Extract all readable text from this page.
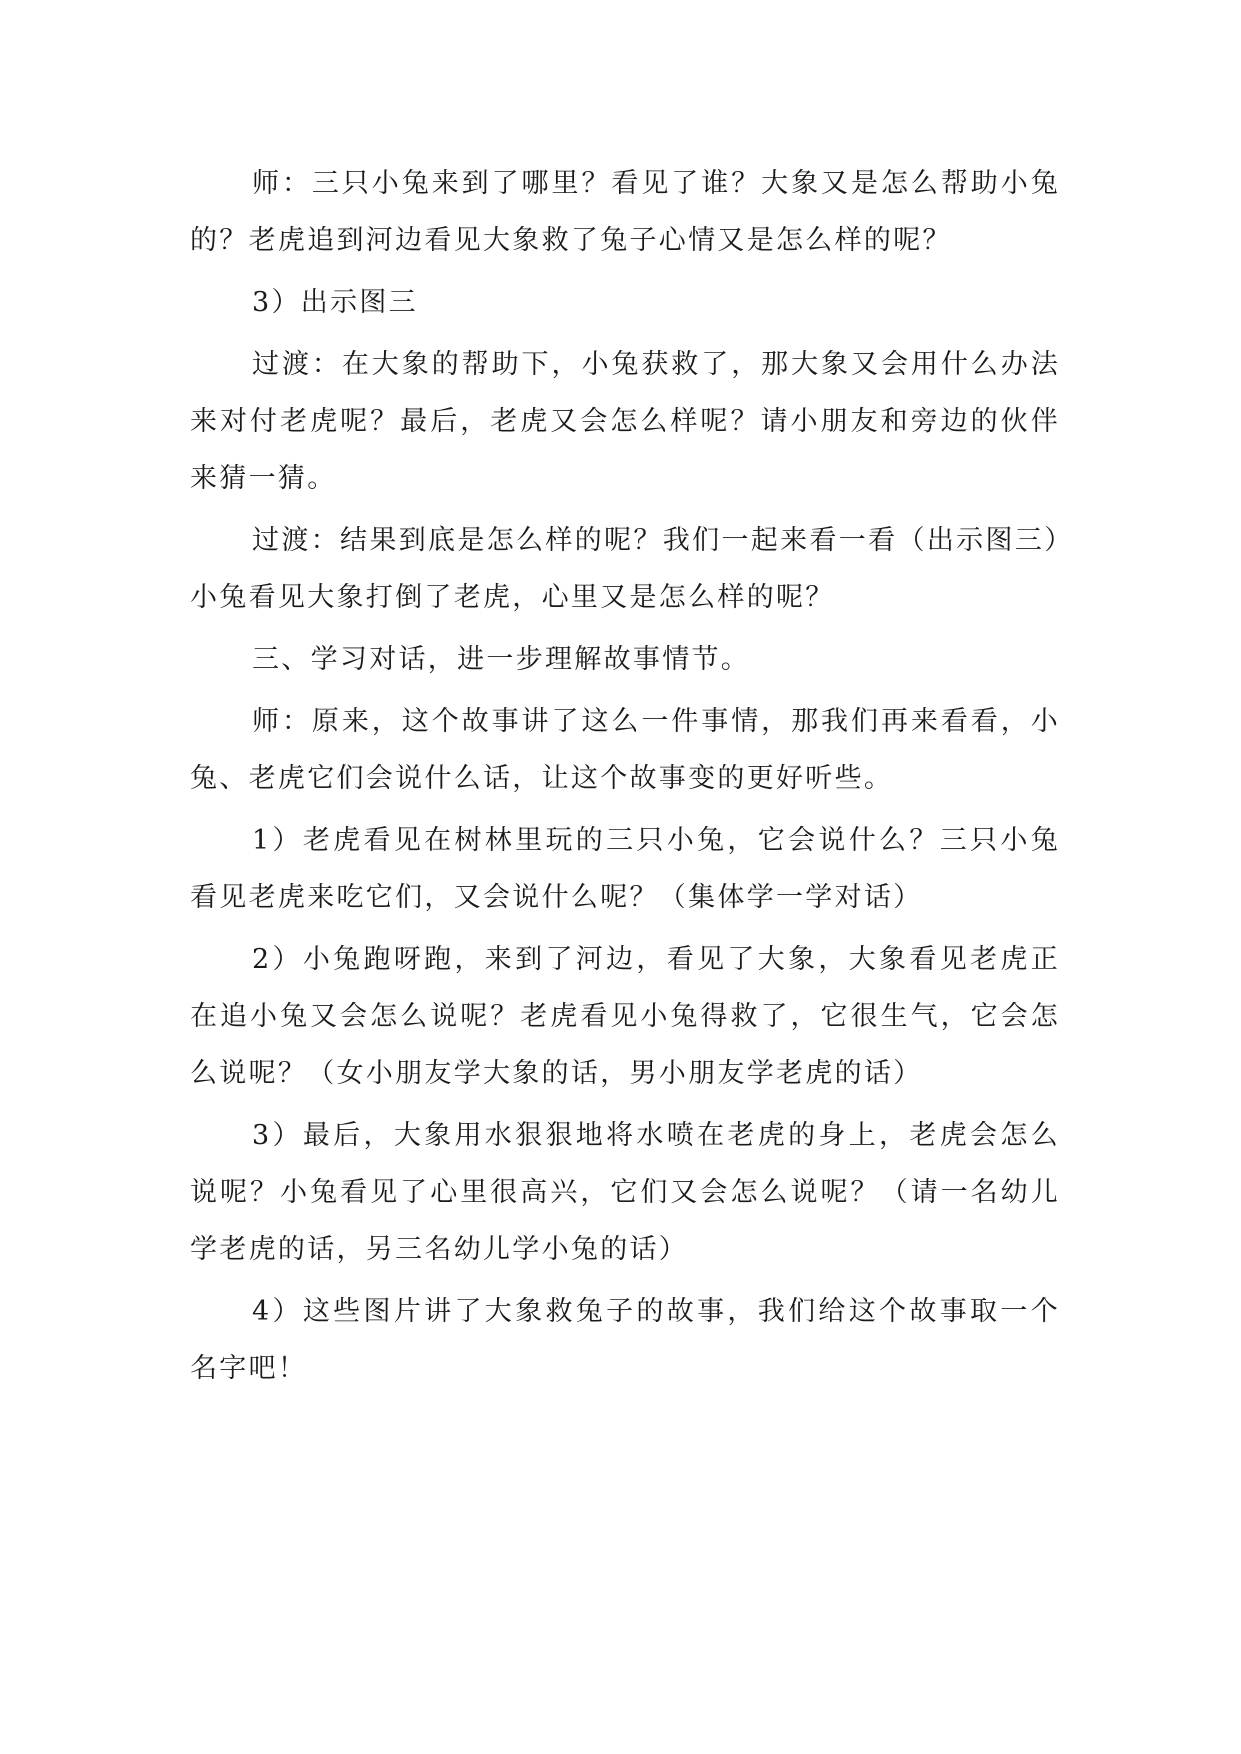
师：三只小兔来到了哪里？看见了谁？大象又是怎么帮助小兔的？老虎追到河边看见大象救了兔子心情又是怎么样的呢？

3）出示图三

过渡：在大象的帮助下，小兔获救了，那大象又会用什么办法来对付老虎呢？最后，老虎又会怎么样呢？请小朋友和旁边的伙伴来猜一猜。

过渡：结果到底是怎么样的呢？我们一起来看一看（出示图三）小兔看见大象打倒了老虎，心里又是怎么样的呢？

三、学习对话，进一步理解故事情节。

师：原来，这个故事讲了这么一件事情，那我们再来看看，小兔、老虎它们会说什么话，让这个故事变的更好听些。

1）老虎看见在树林里玩的三只小兔，它会说什么？三只小兔看见老虎来吃它们，又会说什么呢？（集体学一学对话）

2）小兔跑呀跑，来到了河边，看见了大象，大象看见老虎正在追小兔又会怎么说呢？老虎看见小兔得救了，它很生气，它会怎么说呢？（女小朋友学大象的话，男小朋友学老虎的话）

3）最后，大象用水狠狠地将水喷在老虎的身上，老虎会怎么说呢？小兔看见了心里很高兴，它们又会怎么说呢？（请一名幼儿学老虎的话，另三名幼儿学小兔的话）

4）这些图片讲了大象救兔子的故事，我们给这个故事取一个名字吧！
